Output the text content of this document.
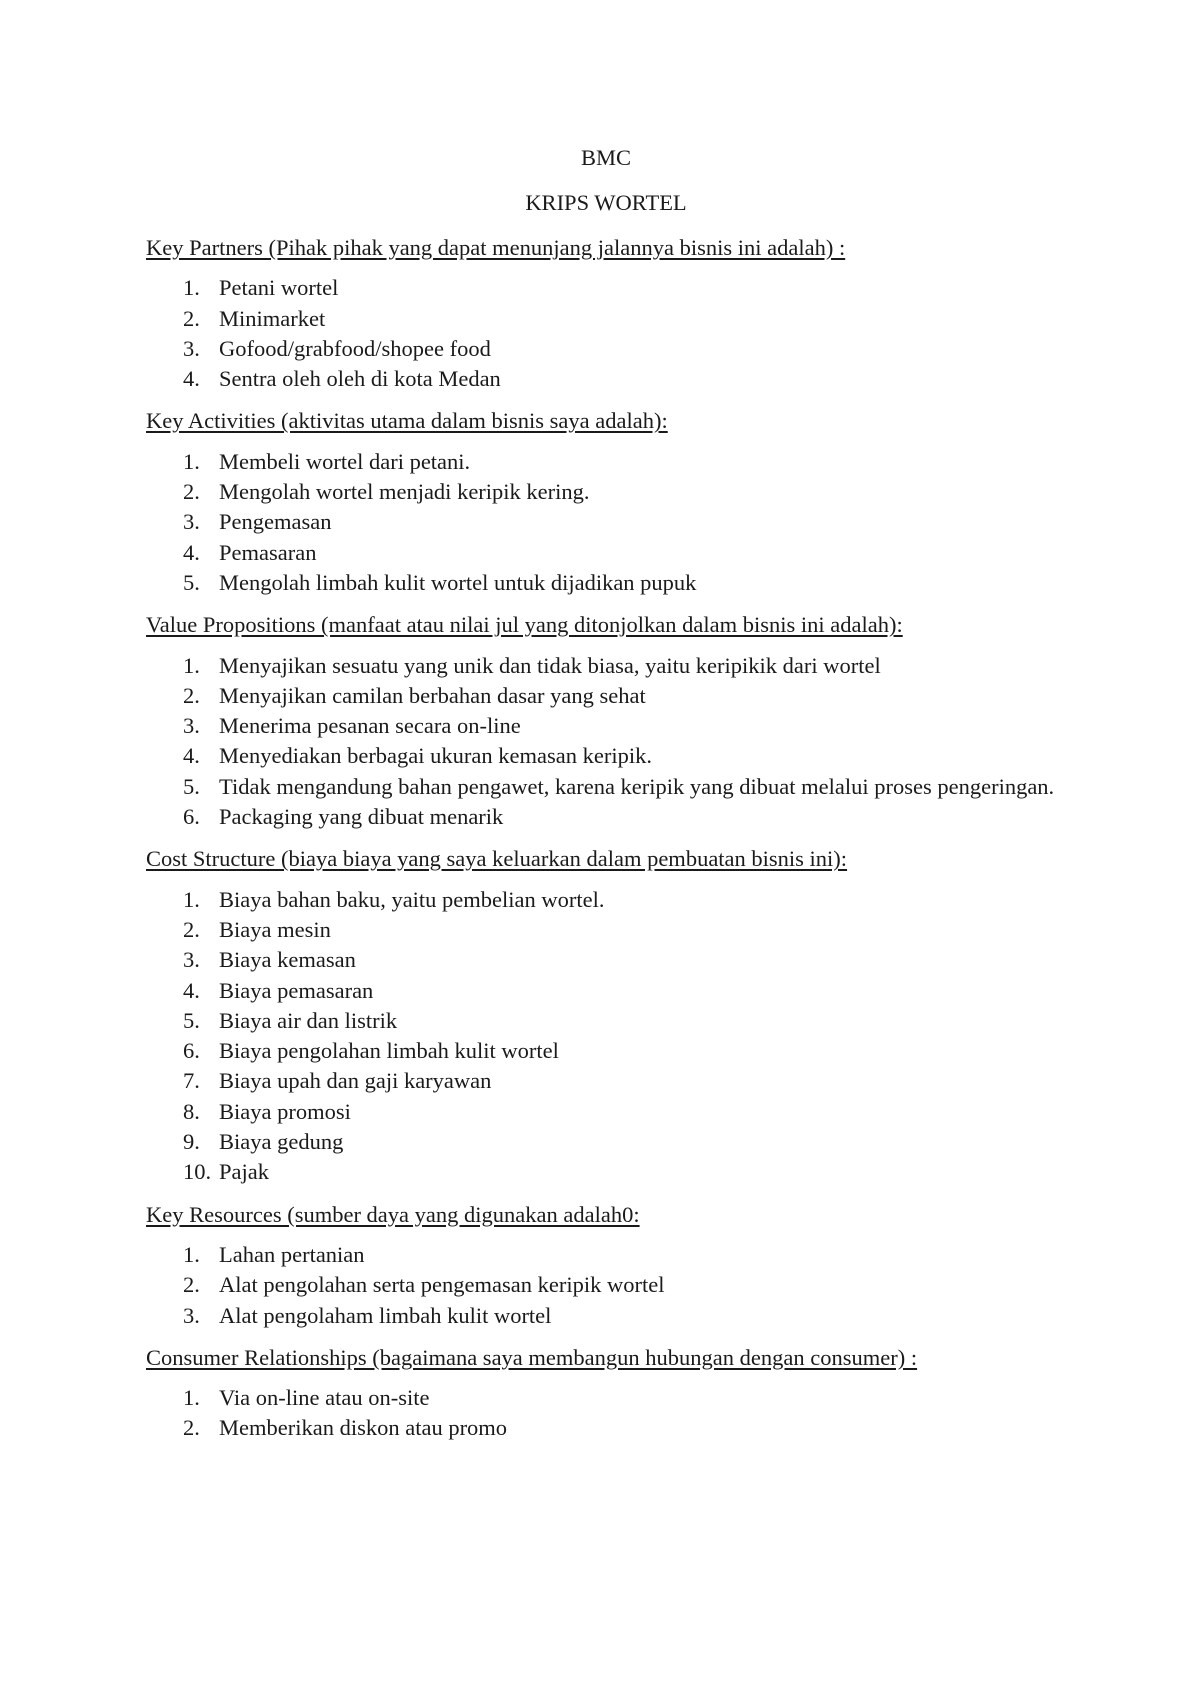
BMC
KRIPS WORTEL
Key Partners (Pihak pihak yang dapat menunjang jalannya bisnis ini adalah) :
1. Petani wortel
2. Minimarket
3. Gofood/grabfood/shopee food
4. Sentra oleh oleh di kota Medan
Key Activities (aktivitas utama dalam bisnis saya adalah):
1. Membeli wortel dari petani.
2. Mengolah wortel menjadi keripik kering.
3. Pengemasan
4. Pemasaran
5. Mengolah limbah kulit wortel untuk dijadikan pupuk
Value Propositions (manfaat atau nilai jul yang ditonjolkan dalam bisnis ini adalah):
1. Menyajikan sesuatu yang unik dan tidak biasa, yaitu keripikik dari wortel
2. Menyajikan camilan berbahan dasar yang sehat
3. Menerima pesanan secara on-line
4. Menyediakan berbagai ukuran kemasan keripik.
5. Tidak mengandung bahan pengawet, karena keripik yang dibuat melalui proses pengeringan.
6. Packaging yang dibuat menarik
Cost Structure (biaya biaya yang saya keluarkan dalam pembuatan bisnis ini):
1. Biaya bahan baku, yaitu pembelian wortel.
2. Biaya mesin
3. Biaya kemasan
4. Biaya pemasaran
5. Biaya air dan listrik
6. Biaya pengolahan limbah kulit wortel
7. Biaya upah dan gaji karyawan
8. Biaya promosi
9. Biaya gedung
10. Pajak
Key Resources (sumber daya yang digunakan adalah0:
1. Lahan pertanian
2. Alat pengolahan serta pengemasan keripik wortel
3. Alat pengolaham limbah kulit wortel
Consumer Relationships (bagaimana saya membangun hubungan dengan consumer) :
1. Via on-line atau on-site
2. Memberikan diskon atau promo
